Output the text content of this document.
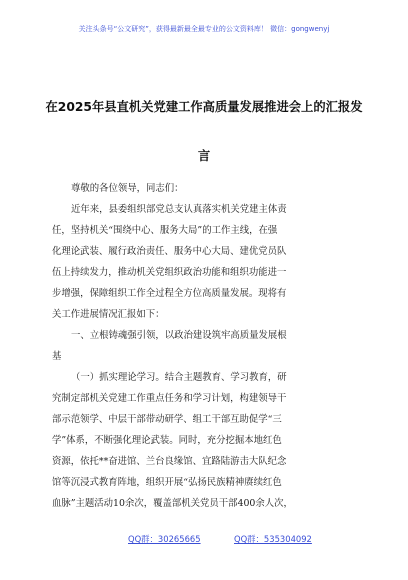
关注头条号“公文研究”，获得最新最全最专业的公文资料库！ 微信：gongwenyj
在2025年县直机关党建工作高质量发展推进会上的汇报发
言
尊敬的各位领导，同志们：
近年来，县委组织部党总支认真落实机关党建主体责
任，坚持机关“围绕中心、服务大局”的工作主线，在强
化理论武装、履行政治责任、服务中心大局、建优党员队
伍上持续发力，推动机关党组织政治功能和组织功能进一
步增强，保障组织工作全过程全方位高质量发展。现将有
关工作进展情况汇报如下：
一、立根铸魂强引领，以政治建设筑牢高质量发展根
基
（一）抓实理论学习。结合主题教育、学习教育，研
究制定部机关党建工作重点任务和学习计划，构建领导干
部示范领学、中层干部带动研学、组工干部互助促学“三
学”体系，不断强化理论武装。同时，充分挖掘本地红色
资源，依托**奋进馆、兰台良缘馆、宜路陆游击大队纪念
馆等沉浸式教育阵地，组织开展“弘扬民族精神赓续红色
血脉”主题活动10余次，覆盖部机关党员干部400余人次，
QQ群：30265665	QQ群：535304092
